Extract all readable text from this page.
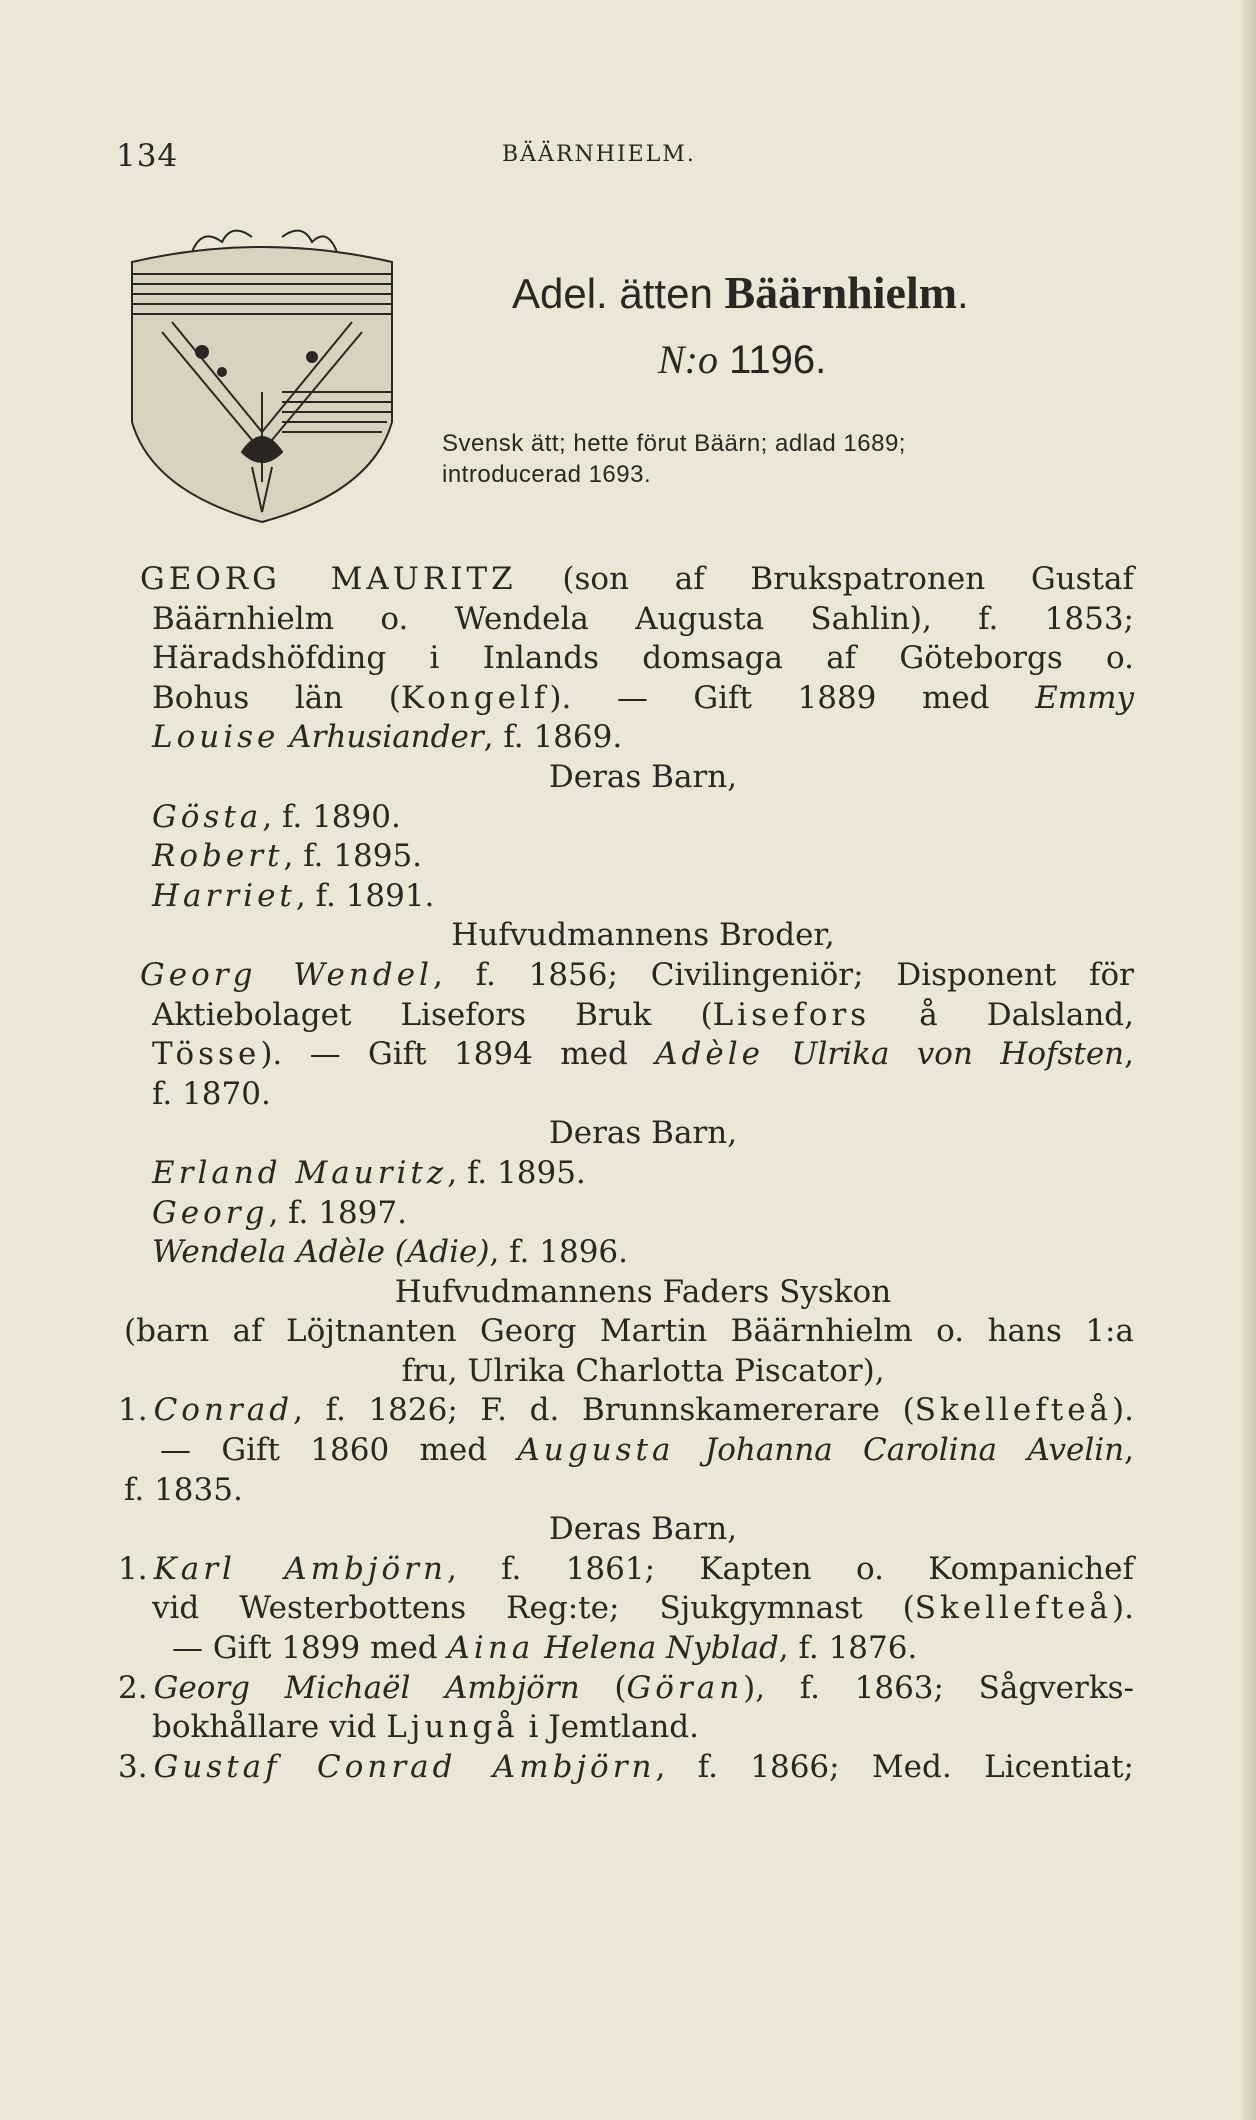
134	BÄÄRNHIELM.
Adel. ätten Bäärnhielm.
N:o 1196.
Svensk ätt; hette förut Bäärn; adlad 1689;
introducerad 1693.

GEORG MAURITZ (son af Brukspatronen Gustaf

Bäärnhielm o. Wendela Augusta Sahlin), f. 1853;

Häradshöfding i Inlands domsaga af Göteborgs o.

Bohus län (Kongelf). — Gift 1889 med Emmy

Louise Arhusiander, f. 1869.

Deras Barn,

Gösta, f. 1890.

Robert, f. 1895.

Harriet, f. 1891.

Hufvudmannens Broder,

Georg Wendel, f. 1856; Civilingeniör; Disponent för

Aktiebolaget Lisefors Bruk (Lisefors å Dalsland,

Tösse). — Gift 1894 med Adèle Ulrika von Hofsten,

f. 1870.

Deras Barn,

Erland Mauritz, f. 1895.

Georg, f. 1897.

Wendela Adèle (Adie), f. 1896.

Hufvudmannens Faders Syskon

(barn af Löjtnanten Georg Martin Bäärnhielm o. hans 1:a

fru, Ulrika Charlotta Piscator),

1. Conrad, f. 1826; F. d. Brunnskamererare (Skellefteå).

— Gift 1860 med Augusta Johanna Carolina Avelin,

f. 1835.

Deras Barn,

1. Karl Ambjörn, f. 1861; Kapten o. Kompanichef

vid Westerbottens Reg:te; Sjukgymnast (Skellefteå).

— Gift 1899 med Aina Helena Nyblad, f. 1876.

2. Georg Michaël Ambjörn (Göran), f. 1863; Sågverks-

bokhållare vid Ljungå i Jemtland.

3. Gustaf Conrad Ambjörn, f. 1866; Med. Licentiat;
